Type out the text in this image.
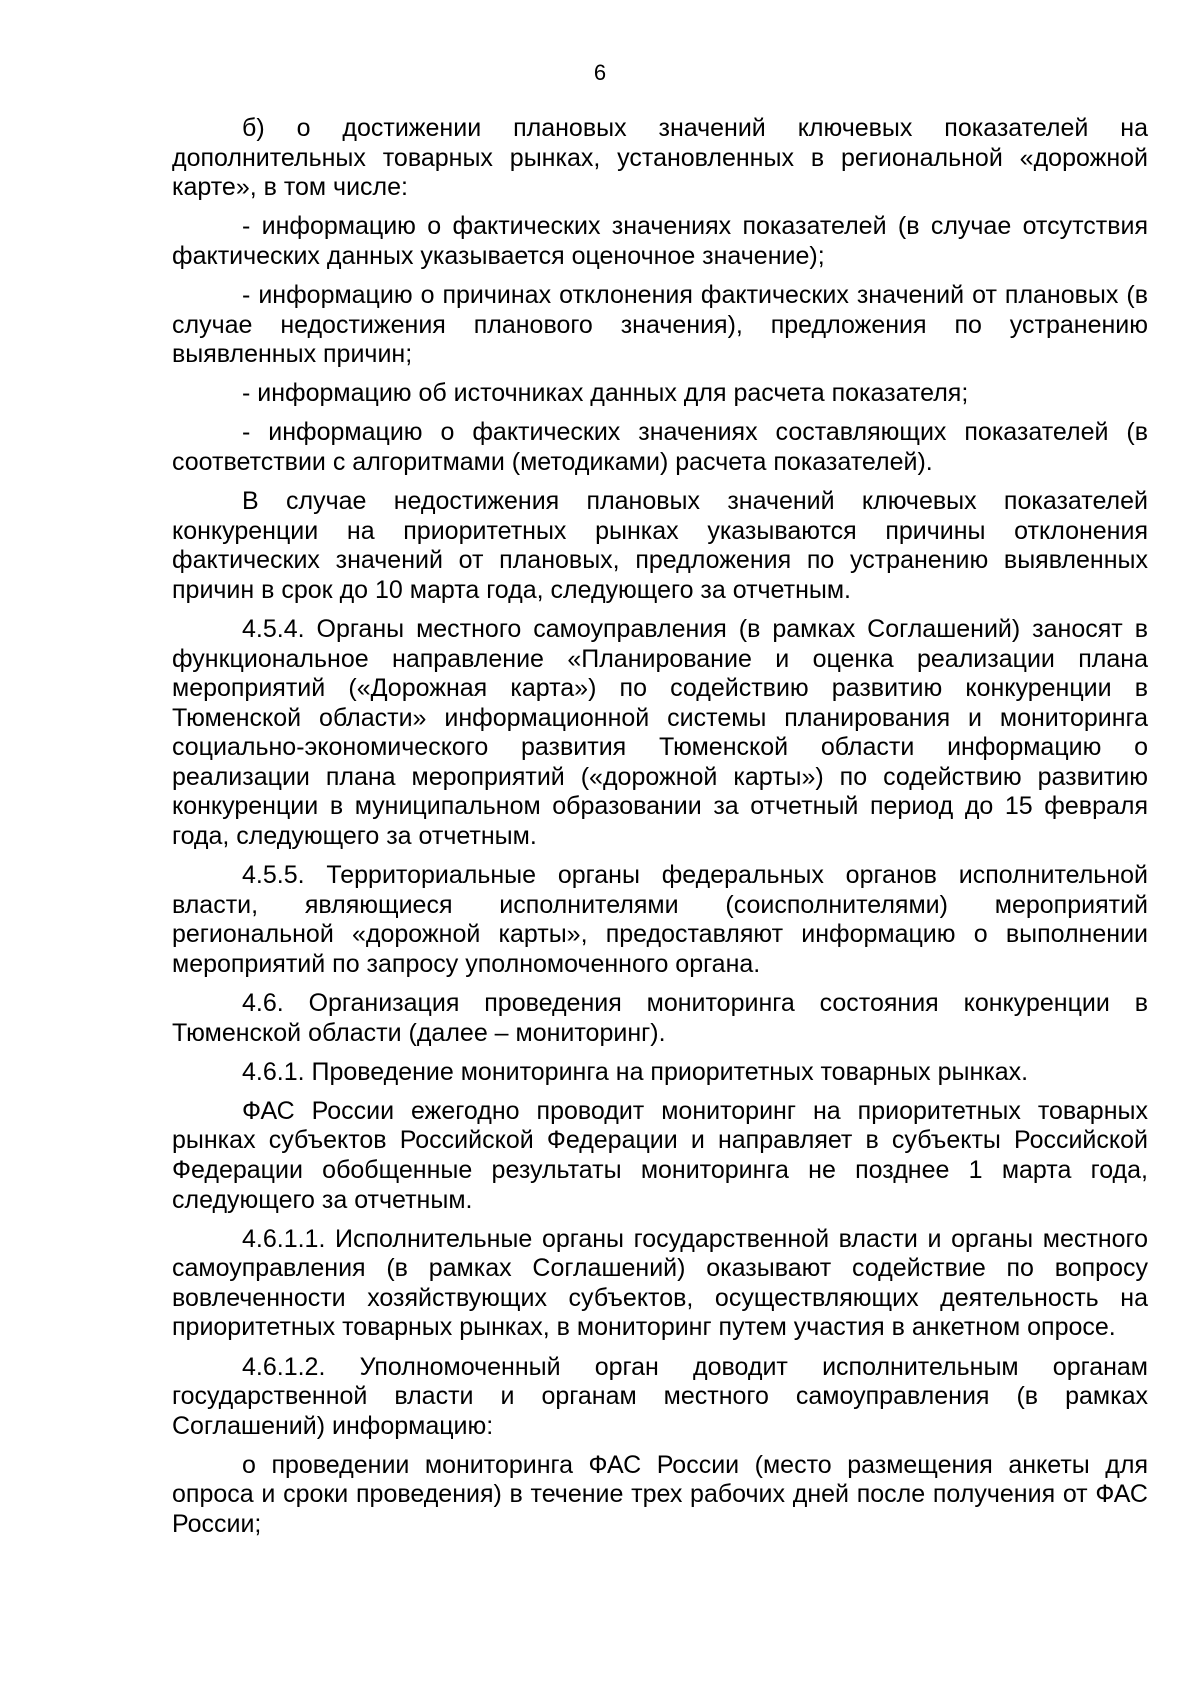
6

б) о достижении плановых значений ключевых показателей на дополнительных товарных рынках, установленных в региональной «дорожной карте», в том числе:

- информацию о фактических значениях показателей (в случае отсутствия фактических данных указывается оценочное значение);

- информацию о причинах отклонения фактических значений от плановых (в случае недостижения планового значения), предложения по устранению выявленных причин;

- информацию об источниках данных для расчета показателя;

- информацию о фактических значениях составляющих показателей (в соответствии с алгоритмами (методиками) расчета показателей).

В случае недостижения плановых значений ключевых показателей конкуренции на приоритетных рынках указываются причины отклонения фактических значений от плановых, предложения по устранению выявленных причин в срок до 10 марта года, следующего за отчетным.

4.5.4. Органы местного самоуправления (в рамках Соглашений) заносят в функциональное направление «Планирование и оценка реализации плана мероприятий («Дорожная карта») по содействию развитию конкуренции в Тюменской области» информационной системы планирования и мониторинга социально-экономического развития Тюменской области информацию о реализации плана мероприятий («дорожной карты») по содействию развитию конкуренции в муниципальном образовании за отчетный период до 15 февраля года, следующего за отчетным.

4.5.5. Территориальные органы федеральных органов исполнительной власти, являющиеся исполнителями (соисполнителями) мероприятий региональной «дорожной карты», предоставляют информацию о выполнении мероприятий по запросу уполномоченного органа.

4.6. Организация проведения мониторинга состояния конкуренции в Тюменской области (далее – мониторинг).

4.6.1. Проведение мониторинга на приоритетных товарных рынках.

ФАС России ежегодно проводит мониторинг на приоритетных товарных рынках субъектов Российской Федерации и направляет в субъекты Российской Федерации обобщенные результаты мониторинга не позднее 1 марта года, следующего за отчетным.

4.6.1.1. Исполнительные органы государственной власти и органы местного самоуправления (в рамках Соглашений) оказывают содействие по вопросу вовлеченности хозяйствующих субъектов, осуществляющих деятельность на приоритетных товарных рынках, в мониторинг путем участия в анкетном опросе.

4.6.1.2. Уполномоченный орган доводит исполнительным органам государственной власти и органам местного самоуправления (в рамках Соглашений) информацию:

о проведении мониторинга ФАС России (место размещения анкеты для опроса и сроки проведения) в течение трех рабочих дней после получения от ФАС России;
